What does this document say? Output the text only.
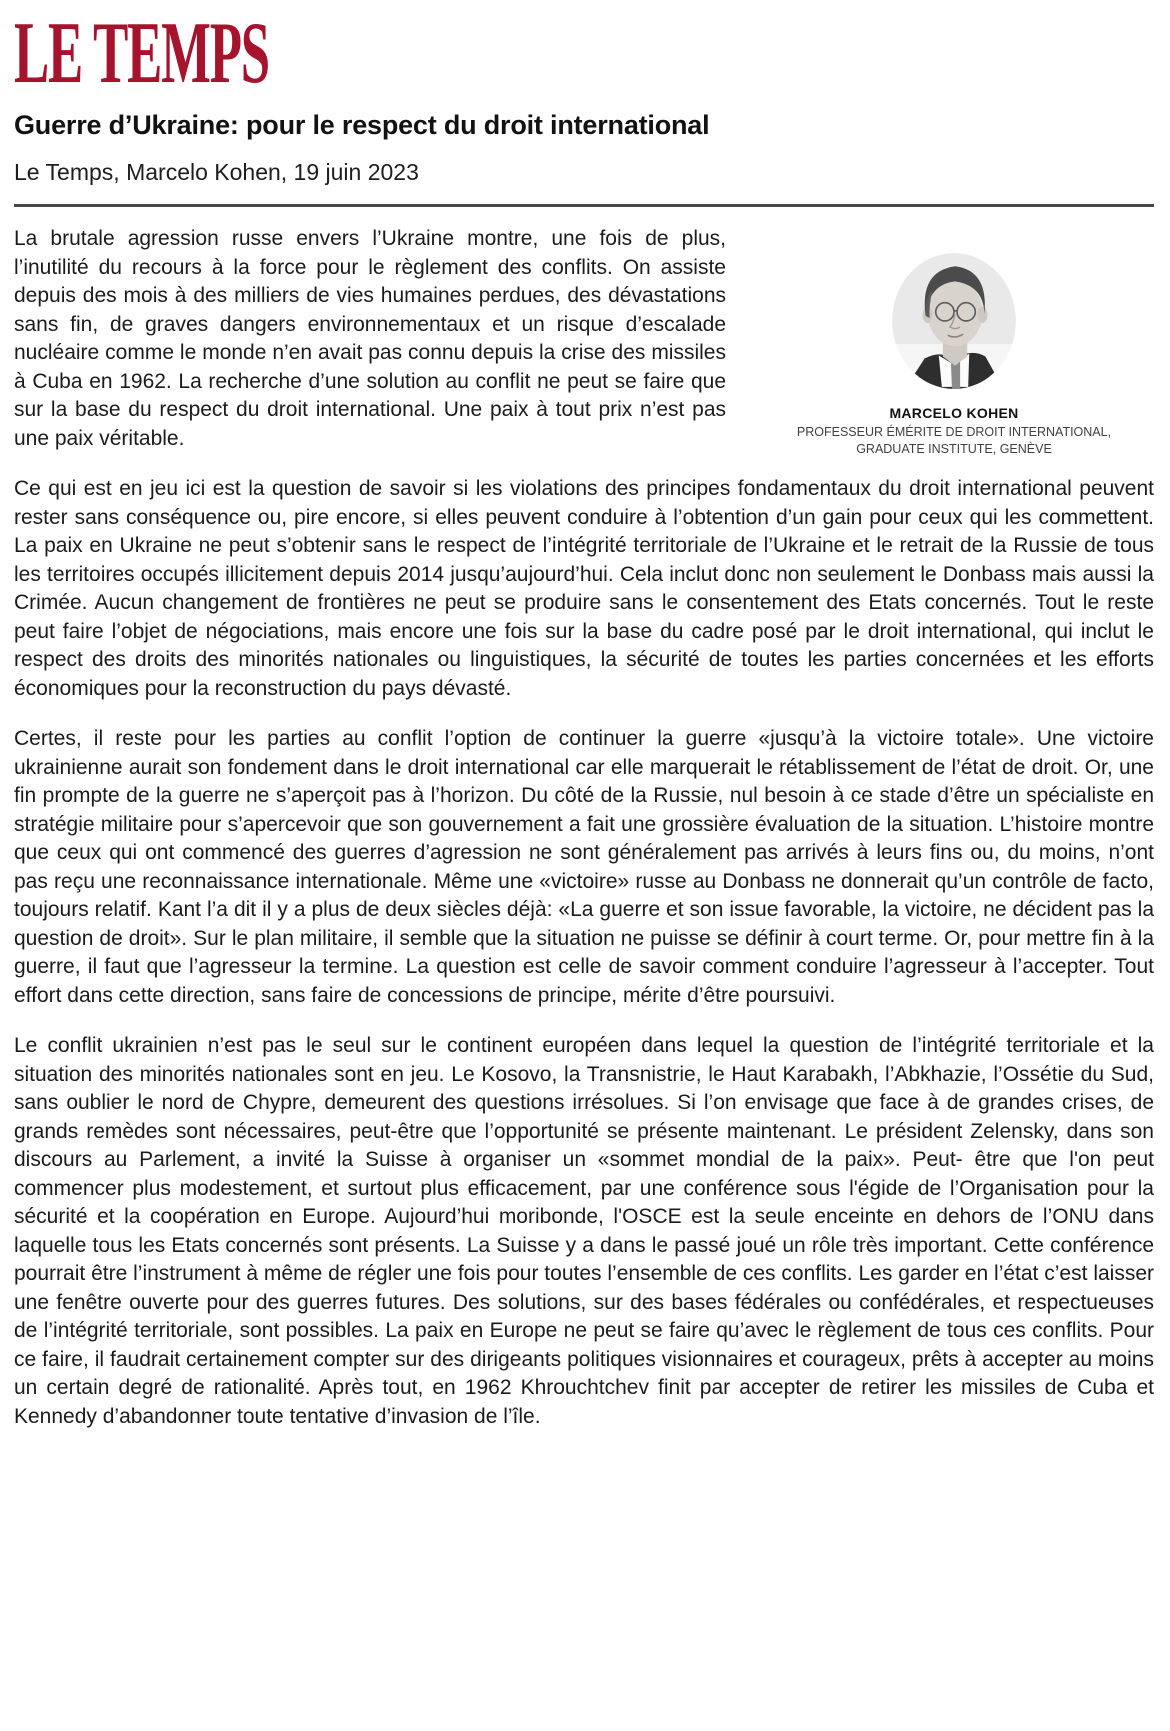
LE TEMPS
Guerre d’Ukraine: pour le respect du droit international
Le Temps, Marcelo Kohen, 19 juin 2023

La brutale agression russe envers l’Ukraine montre, une fois de plus, l’inutilité du recours à la force pour le règlement des conflits. On assiste depuis des mois à des milliers de vies humaines perdues, des dévastations sans fin, de graves dangers environnementaux et un risque d’escalade nucléaire comme le monde n’en avait pas connu depuis la crise des missiles à Cuba en 1962. La recherche d’une solution au conflit ne peut se faire que sur la base du respect du droit international. Une paix à tout prix n’est pas une paix véritable.

MARCELO KOHEN
PROFESSEUR ÉMÉRITE DE DROIT INTERNATIONAL,
GRADUATE INSTITUTE, GENÈVE

Ce qui est en jeu ici est la question de savoir si les violations des principes fondamentaux du droit international peuvent rester sans conséquence ou, pire encore, si elles peuvent conduire à l’obtention d’un gain pour ceux qui les commettent. La paix en Ukraine ne peut s’obtenir sans le respect de l’intégrité territoriale de l’Ukraine et le retrait de la Russie de tous les territoires occupés illicitement depuis 2014 jusqu’aujourd’hui. Cela inclut donc non seulement le Donbass mais aussi la Crimée. Aucun changement de frontières ne peut se produire sans le consentement des Etats concernés. Tout le reste peut faire l’objet de négociations, mais encore une fois sur la base du cadre posé par le droit international, qui inclut le respect des droits des minorités nationales ou linguistiques, la sécurité de toutes les parties concernées et les efforts économiques pour la reconstruction du pays dévasté.

Certes, il reste pour les parties au conflit l’option de continuer la guerre «jusqu’à la victoire totale». Une victoire ukrainienne aurait son fondement dans le droit international car elle marquerait le rétablissement de l’état de droit. Or, une fin prompte de la guerre ne s’aperçoit pas à l’horizon. Du côté de la Russie, nul besoin à ce stade d’être un spécialiste en stratégie militaire pour s’apercevoir que son gouvernement a fait une grossière évaluation de la situation. L’histoire montre que ceux qui ont commencé des guerres d’agression ne sont généralement pas arrivés à leurs fins ou, du moins, n’ont pas reçu une reconnaissance internationale. Même une «victoire» russe au Donbass ne donnerait qu’un contrôle de facto, toujours relatif. Kant l’a dit il y a plus de deux siècles déjà: «La guerre et son issue favorable, la victoire, ne décident pas la question de droit». Sur le plan militaire, il semble que la situation ne puisse se définir à court terme. Or, pour mettre fin à la guerre, il faut que l’agresseur la termine. La question est celle de savoir comment conduire l’agresseur à l’accepter. Tout effort dans cette direction, sans faire de concessions de principe, mérite d’être poursuivi.

Le conflit ukrainien n’est pas le seul sur le continent européen dans lequel la question de l’intégrité territoriale et la situation des minorités nationales sont en jeu. Le Kosovo, la Transnistrie, le Haut Karabakh, l’Abkhazie, l’Ossétie du Sud, sans oublier le nord de Chypre, demeurent des questions irrésolues. Si l’on envisage que face à de grandes crises, de grands remèdes sont nécessaires, peut-être que l’opportunité se présente maintenant. Le président Zelensky, dans son discours au Parlement, a invité la Suisse à organiser un «sommet mondial de la paix». Peut- être que l'on peut commencer plus modestement, et surtout plus efficacement, par une conférence sous l'égide de l’Organisation pour la sécurité et la coopération en Europe. Aujourd’hui moribonde, l'OSCE est la seule enceinte en dehors de l’ONU dans laquelle tous les Etats concernés sont présents. La Suisse y a dans le passé joué un rôle très important. Cette conférence pourrait être l’instrument à même de régler une fois pour toutes l’ensemble de ces conflits. Les garder en l’état c’est laisser une fenêtre ouverte pour des guerres futures. Des solutions, sur des bases fédérales ou confédérales, et respectueuses de l’intégrité territoriale, sont possibles. La paix en Europe ne peut se faire qu’avec le règlement de tous ces conflits. Pour ce faire, il faudrait certainement compter sur des dirigeants politiques visionnaires et courageux, prêts à accepter au moins un certain degré de rationalité. Après tout, en 1962 Khrouchtchev finit par accepter de retirer les missiles de Cuba et Kennedy d’abandonner toute tentative d’invasion de l’île.
